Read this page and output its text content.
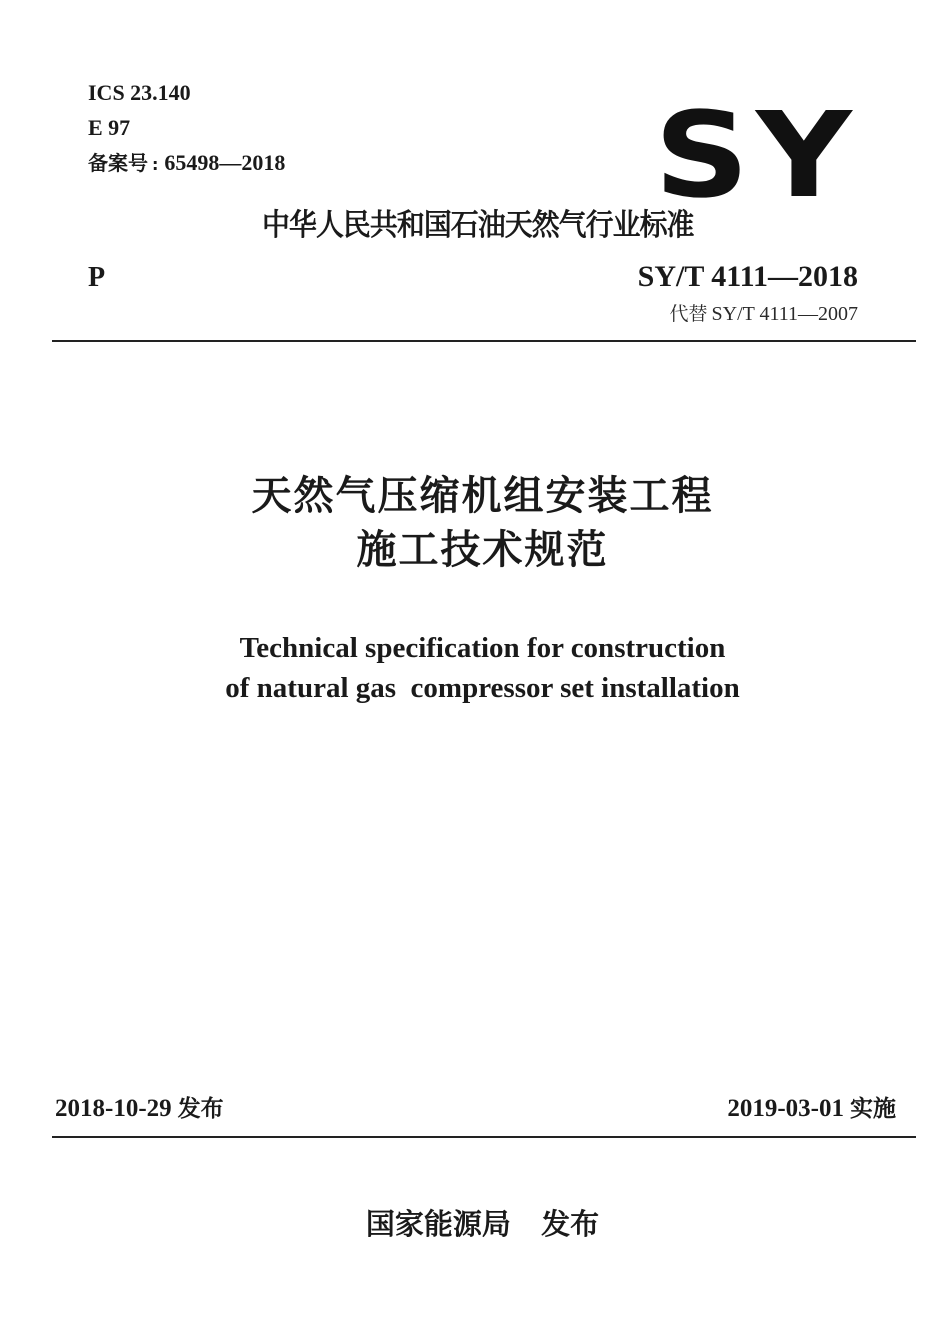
ICS 23.140
E 97
备案号 : 65498—2018	SY
中华人民共和国石油天然气行业标准
P	SY/T 4111—2018
代替 SY/T 4111—2007
天然气压缩机组安装工程
施工技术规范
Technical specification for construction
of natural gas  compressor set installation
2018-10-29 发布	2019-03-01 实施
国家能源局   发布
